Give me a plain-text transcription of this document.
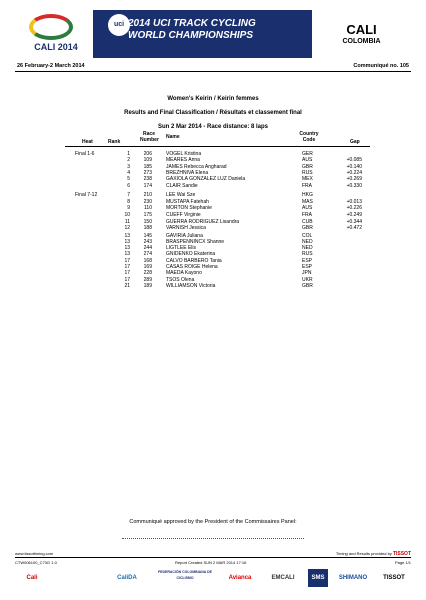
CALI 2014
uci 2014 UCI TRACK CYCLING
WORLD CHAMPIONSHIPS	CALI
COLOMBIA
26 February-2 March 2014	Communiqué no. 105
Women's Keirin / Keirin femmes
Results and Final Classification / Résultats et classement final
Sun 2 Mar 2014 - Race distance: 8 laps
Heat	Rank
Race Number Name	Country Code	Gap
Final 1-6	1	206	VOGEL Kristina	GER
2	109	MEARES Anna	AUS	+0.085
3	185	JAMES Rebecca Angharad	GBR	+0.140
4	273	BREZHNIVA Elena	RUS	+0.224
5	238	GAXIOLA GONZALEZ LUZ Daniela	MEX	+0.269
6	174	CLAIR Sandie	FRA	+0.330
Final 7-12	7	210	LEE Wai Sze	HKG
8	230	MUSTAPA Fatehah	MAS	+0.013
9	110	MORTON Stephanie	AUS	+0.226
10	175	CUEFF Virginie	FRA	+0.249
11	150	GUERRA RODRIGUEZ Lisandra	CUB	+0.344
12	188	VARNISH Jessica	GBR	+0.472
13	145	GAVIRIA Juliana	COL
13	243	BRASPENNINCX Shanne	NED
13	244	LIGTLEE Elis	NED
13	274	GNIDENKO Ekaterina	RUS
17	168	CALVO BARBERO Tania	ESP
17	169	CASAS ROIGE Helena	ESP
17	228	MAEDA Kayono	JPN
17	289	TSOS Olena	UKR
21	189	WILLIAMSON Victoria	GBR
Communiqué approved by the President of the Commissaires Panel:
www.tissottiming.com	Timing and Results provided by TISSOT
CTW006100_C73G 1.0	Report Created SUN 2 MAR 2014 17:16	Page 1/1
Cali	CaliDA
FEDERACIÓN COLOMBIANA DE CICLISMO	Avianca	EMCALI	SMS	SHIMANO	TISSOT
